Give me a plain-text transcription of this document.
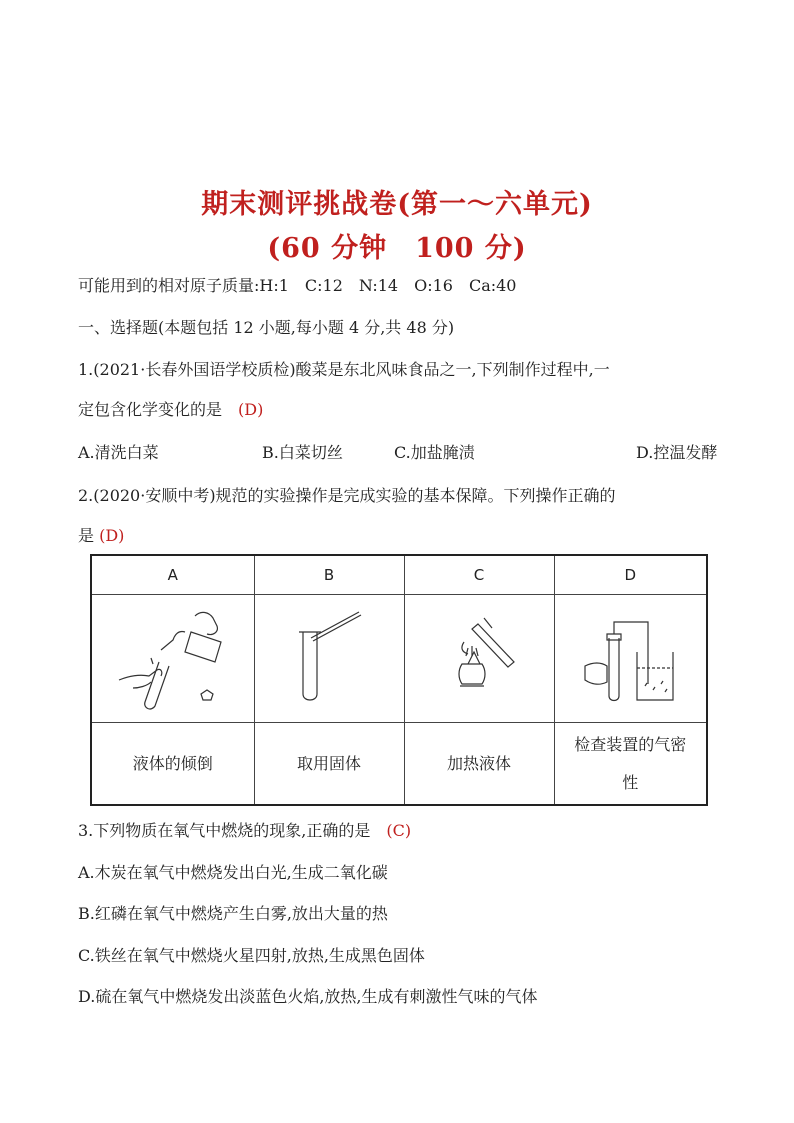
期末测评挑战卷(第一～六单元)
(60 分钟　100 分)
可能用到的相对原子质量:H:1　C:12　N:14　O:16　Ca:40
一、选择题(本题包括 12 小题,每小题 4 分,共 48 分)
1.(2021·长春外国语学校质检)酸菜是东北风味食品之一,下列制作过程中,一
定包含化学变化的是　(D)
A.清洗白菜	B.白菜切丝	C.加盐腌渍	D.控温发酵
2.(2020·安顺中考)规范的实验操作是完成实验的基本保障。下列操作正确的
是 (D)
A	B	C	D

液体的倾倒	取用固体	加热液体	检查装置的气密性
3.下列物质在氧气中燃烧的现象,正确的是　(C)
A.木炭在氧气中燃烧发出白光,生成二氧化碳
B.红磷在氧气中燃烧产生白雾,放出大量的热
C.铁丝在氧气中燃烧火星四射,放热,生成黑色固体
D.硫在氧气中燃烧发出淡蓝色火焰,放热,生成有刺激性气味的气体
